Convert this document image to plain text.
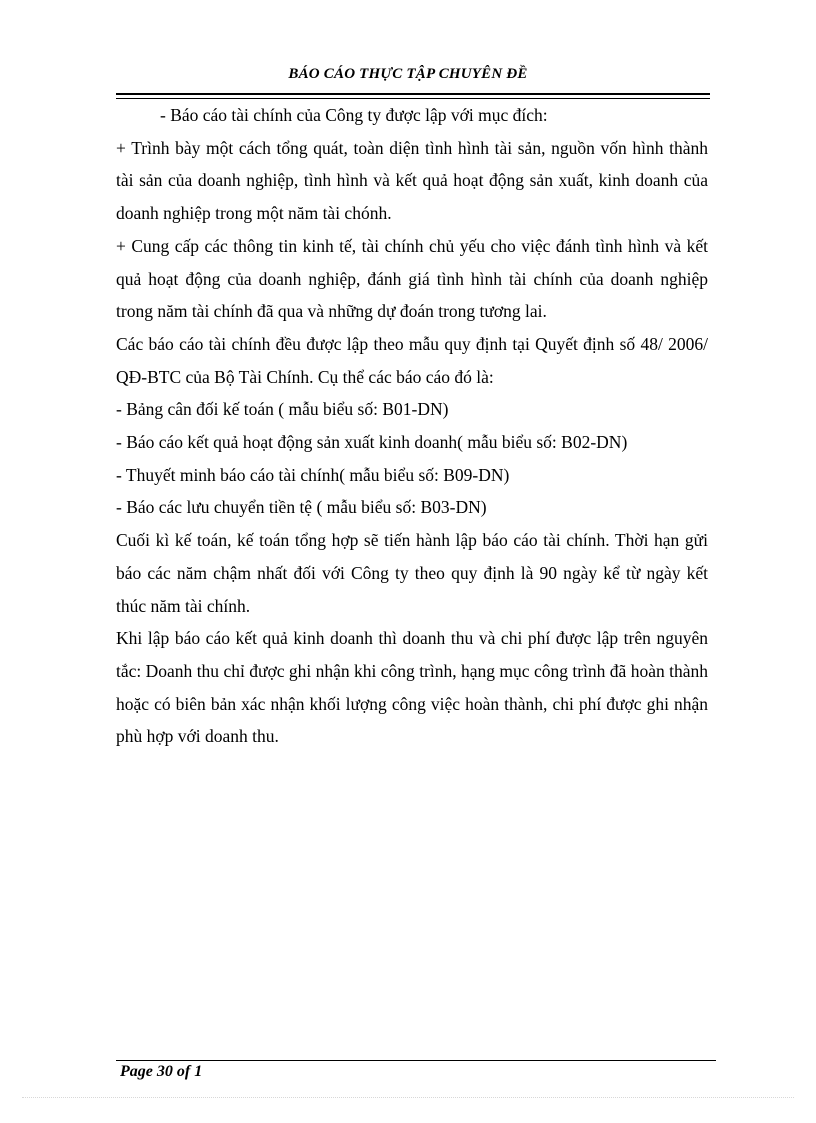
BÁO CÁO THỰC TẬP CHUYÊN ĐỀ

- Báo cáo tài chính của Công ty được lập với mục đích:

+ Trình bày một cách tổng quát, toàn diện tình hình tài sản, nguồn vốn hình thành tài sản của doanh nghiệp, tình hình và kết quả hoạt động sản xuất, kinh doanh của doanh nghiệp trong một năm tài chónh.

+ Cung cấp các thông tin kinh tế, tài chính chủ yếu cho việc đánh tình hình và kết quả hoạt động của doanh nghiệp, đánh giá tình hình tài chính của doanh nghiệp trong năm tài chính đã qua và những dự đoán trong tương lai.

Các báo cáo tài chính đều được lập theo mẫu quy định tại Quyết định số 48/ 2006/ QĐ-BTC của Bộ Tài Chính. Cụ thể các báo cáo đó là:

- Bảng cân đối kế toán ( mẫu biểu số: B01-DN)

- Báo cáo kết quả hoạt động sản xuất kinh doanh( mẫu biểu số: B02-DN)

- Thuyết minh báo cáo tài chính( mẫu biểu số: B09-DN)

- Báo các lưu chuyển tiền tệ ( mẫu biểu số: B03-DN)

Cuối kì kế toán, kế toán tổng hợp sẽ tiến hành lập báo cáo tài chính. Thời hạn gửi báo các năm chậm nhất đối với Công ty theo quy định là 90 ngày kể từ ngày kết thúc năm tài chính.

Khi lập báo cáo kết quả kinh doanh thì doanh thu và chi phí được lập trên nguyên tắc: Doanh thu chỉ được ghi nhận khi công trình, hạng mục công trình đã hoàn thành hoặc có biên bản xác nhận khối lượng công việc hoàn thành, chi phí được ghi nhận phù hợp với doanh thu.

Page 30 of 1
